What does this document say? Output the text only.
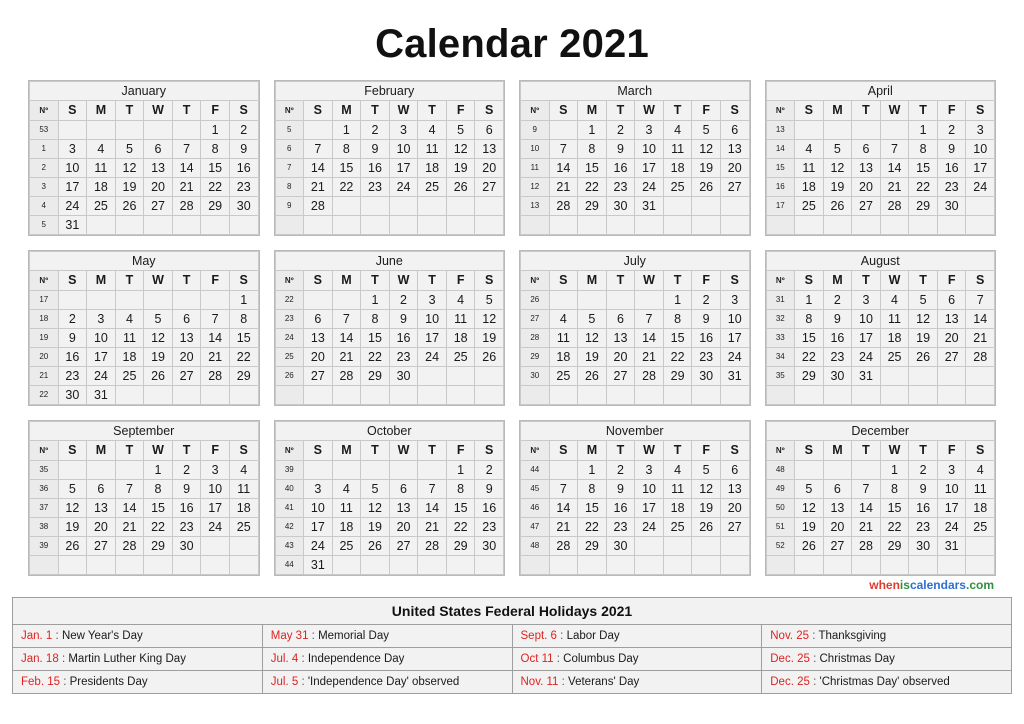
Calendar 2021
January							
Nº	S	M	T	W	T	F	S
53						1	2
1	3	4	5	6	7	8	9
2	10	11	12	13	14	15	16
3	17	18	19	20	21	22	23
4	24	25	26	27	28	29	30
5	31						
February							
Nº	S	M	T	W	T	F	S
5		1	2	3	4	5	6
6	7	8	9	10	11	12	13
7	14	15	16	17	18	19	20
8	21	22	23	24	25	26	27
9	28						

March							
Nº	S	M	T	W	T	F	S
9		1	2	3	4	5	6
10	7	8	9	10	11	12	13
11	14	15	16	17	18	19	20
12	21	22	23	24	25	26	27
13	28	29	30	31			

April							
Nº	S	M	T	W	T	F	S
13					1	2	3
14	4	5	6	7	8	9	10
15	11	12	13	14	15	16	17
16	18	19	20	21	22	23	24
17	25	26	27	28	29	30	

May							
Nº	S	M	T	W	T	F	S
17							1
18	2	3	4	5	6	7	8
19	9	10	11	12	13	14	15
20	16	17	18	19	20	21	22
21	23	24	25	26	27	28	29
22	30	31					
June							
Nº	S	M	T	W	T	F	S
22			1	2	3	4	5
23	6	7	8	9	10	11	12
24	13	14	15	16	17	18	19
25	20	21	22	23	24	25	26
26	27	28	29	30			

July							
Nº	S	M	T	W	T	F	S
26					1	2	3
27	4	5	6	7	8	9	10
28	11	12	13	14	15	16	17
29	18	19	20	21	22	23	24
30	25	26	27	28	29	30	31

August							
Nº	S	M	T	W	T	F	S
31	1	2	3	4	5	6	7
32	8	9	10	11	12	13	14
33	15	16	17	18	19	20	21
34	22	23	24	25	26	27	28
35	29	30	31				

September							
Nº	S	M	T	W	T	F	S
35				1	2	3	4
36	5	6	7	8	9	10	11
37	12	13	14	15	16	17	18
38	19	20	21	22	23	24	25
39	26	27	28	29	30		

October							
Nº	S	M	T	W	T	F	S
39						1	2
40	3	4	5	6	7	8	9
41	10	11	12	13	14	15	16
42	17	18	19	20	21	22	23
43	24	25	26	27	28	29	30
44	31						
November							
Nº	S	M	T	W	T	F	S
44		1	2	3	4	5	6
45	7	8	9	10	11	12	13
46	14	15	16	17	18	19	20
47	21	22	23	24	25	26	27
48	28	29	30				

December							
Nº	S	M	T	W	T	F	S
48				1	2	3	4
49	5	6	7	8	9	10	11
50	12	13	14	15	16	17	18
51	19	20	21	22	23	24	25
52	26	27	28	29	30	31	

wheniscalendars.com
United States Federal Holidays 2021			
Jan. 1 : New Year's Day	May 31 : Memorial Day	Sept. 6 : Labor Day	Nov. 25 : Thanksgiving
Jan. 18 : Martin Luther King Day	Jul. 4 : Independence Day	Oct 11 : Columbus Day	Dec. 25 : Christmas Day
Feb. 15 : Presidents Day	Jul. 5 : 'Independence Day' observed	Nov. 11 : Veterans' Day	Dec. 25 : 'Christmas Day' observed
